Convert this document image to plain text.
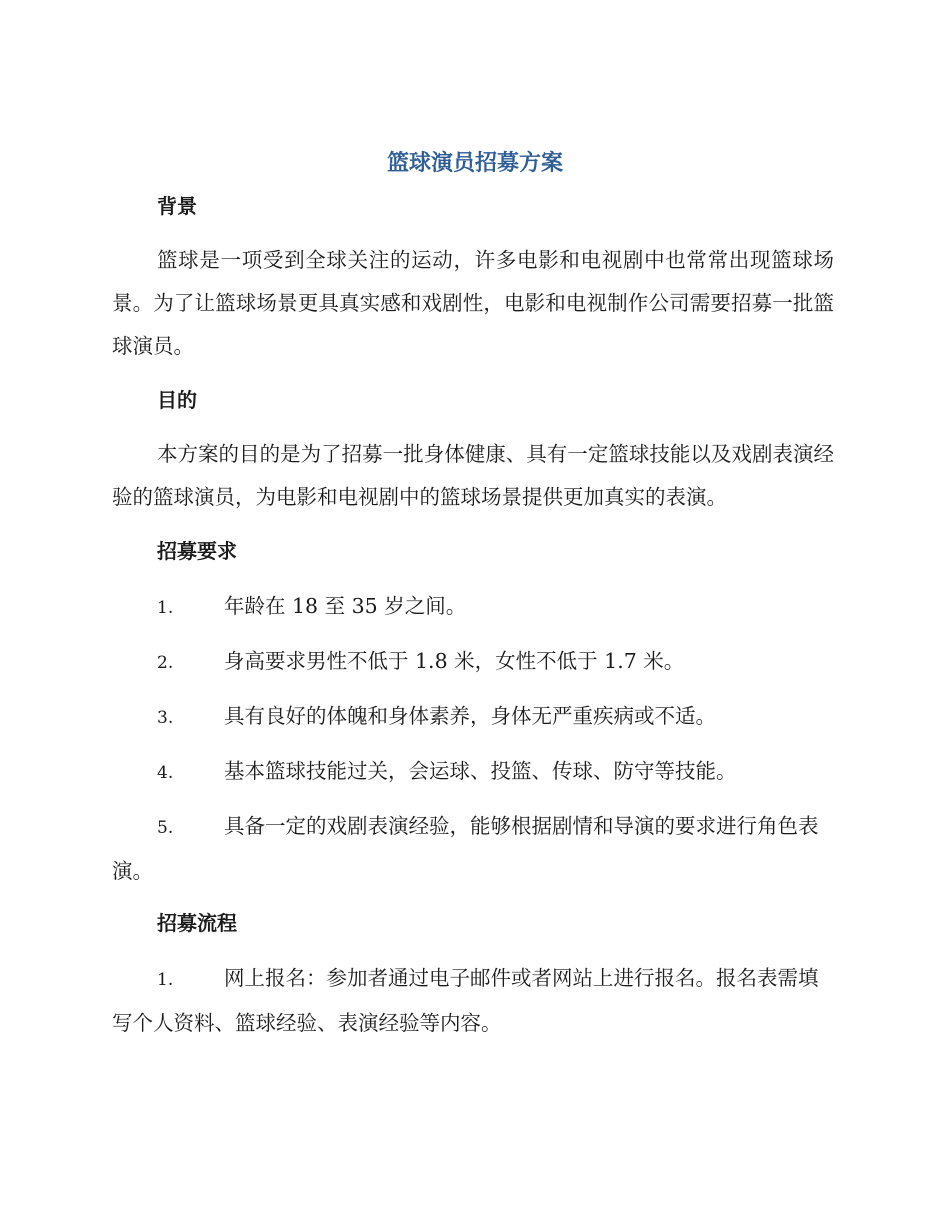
篮球演员招募方案
背景

篮球是一项受到全球关注的运动，许多电影和电视剧中也常常出现篮球场景。为了让篮球场景更具真实感和戏剧性，电影和电视制作公司需要招募一批篮球演员。

目的

本方案的目的是为了招募一批身体健康、具有一定篮球技能以及戏剧表演经验的篮球演员，为电影和电视剧中的篮球场景提供更加真实的表演。

招募要求

1. 年龄在 18 至 35 岁之间。

2. 身高要求男性不低于 1.8 米，女性不低于 1.7 米。

3. 具有良好的体魄和身体素养，身体无严重疾病或不适。

4. 基本篮球技能过关，会运球、投篮、传球、防守等技能。

5. 具备一定的戏剧表演经验，能够根据剧情和导演的要求进行角色表演。

招募流程

1. 网上报名：参加者通过电子邮件或者网站上进行报名。报名表需填写个人资料、篮球经验、表演经验等内容。
